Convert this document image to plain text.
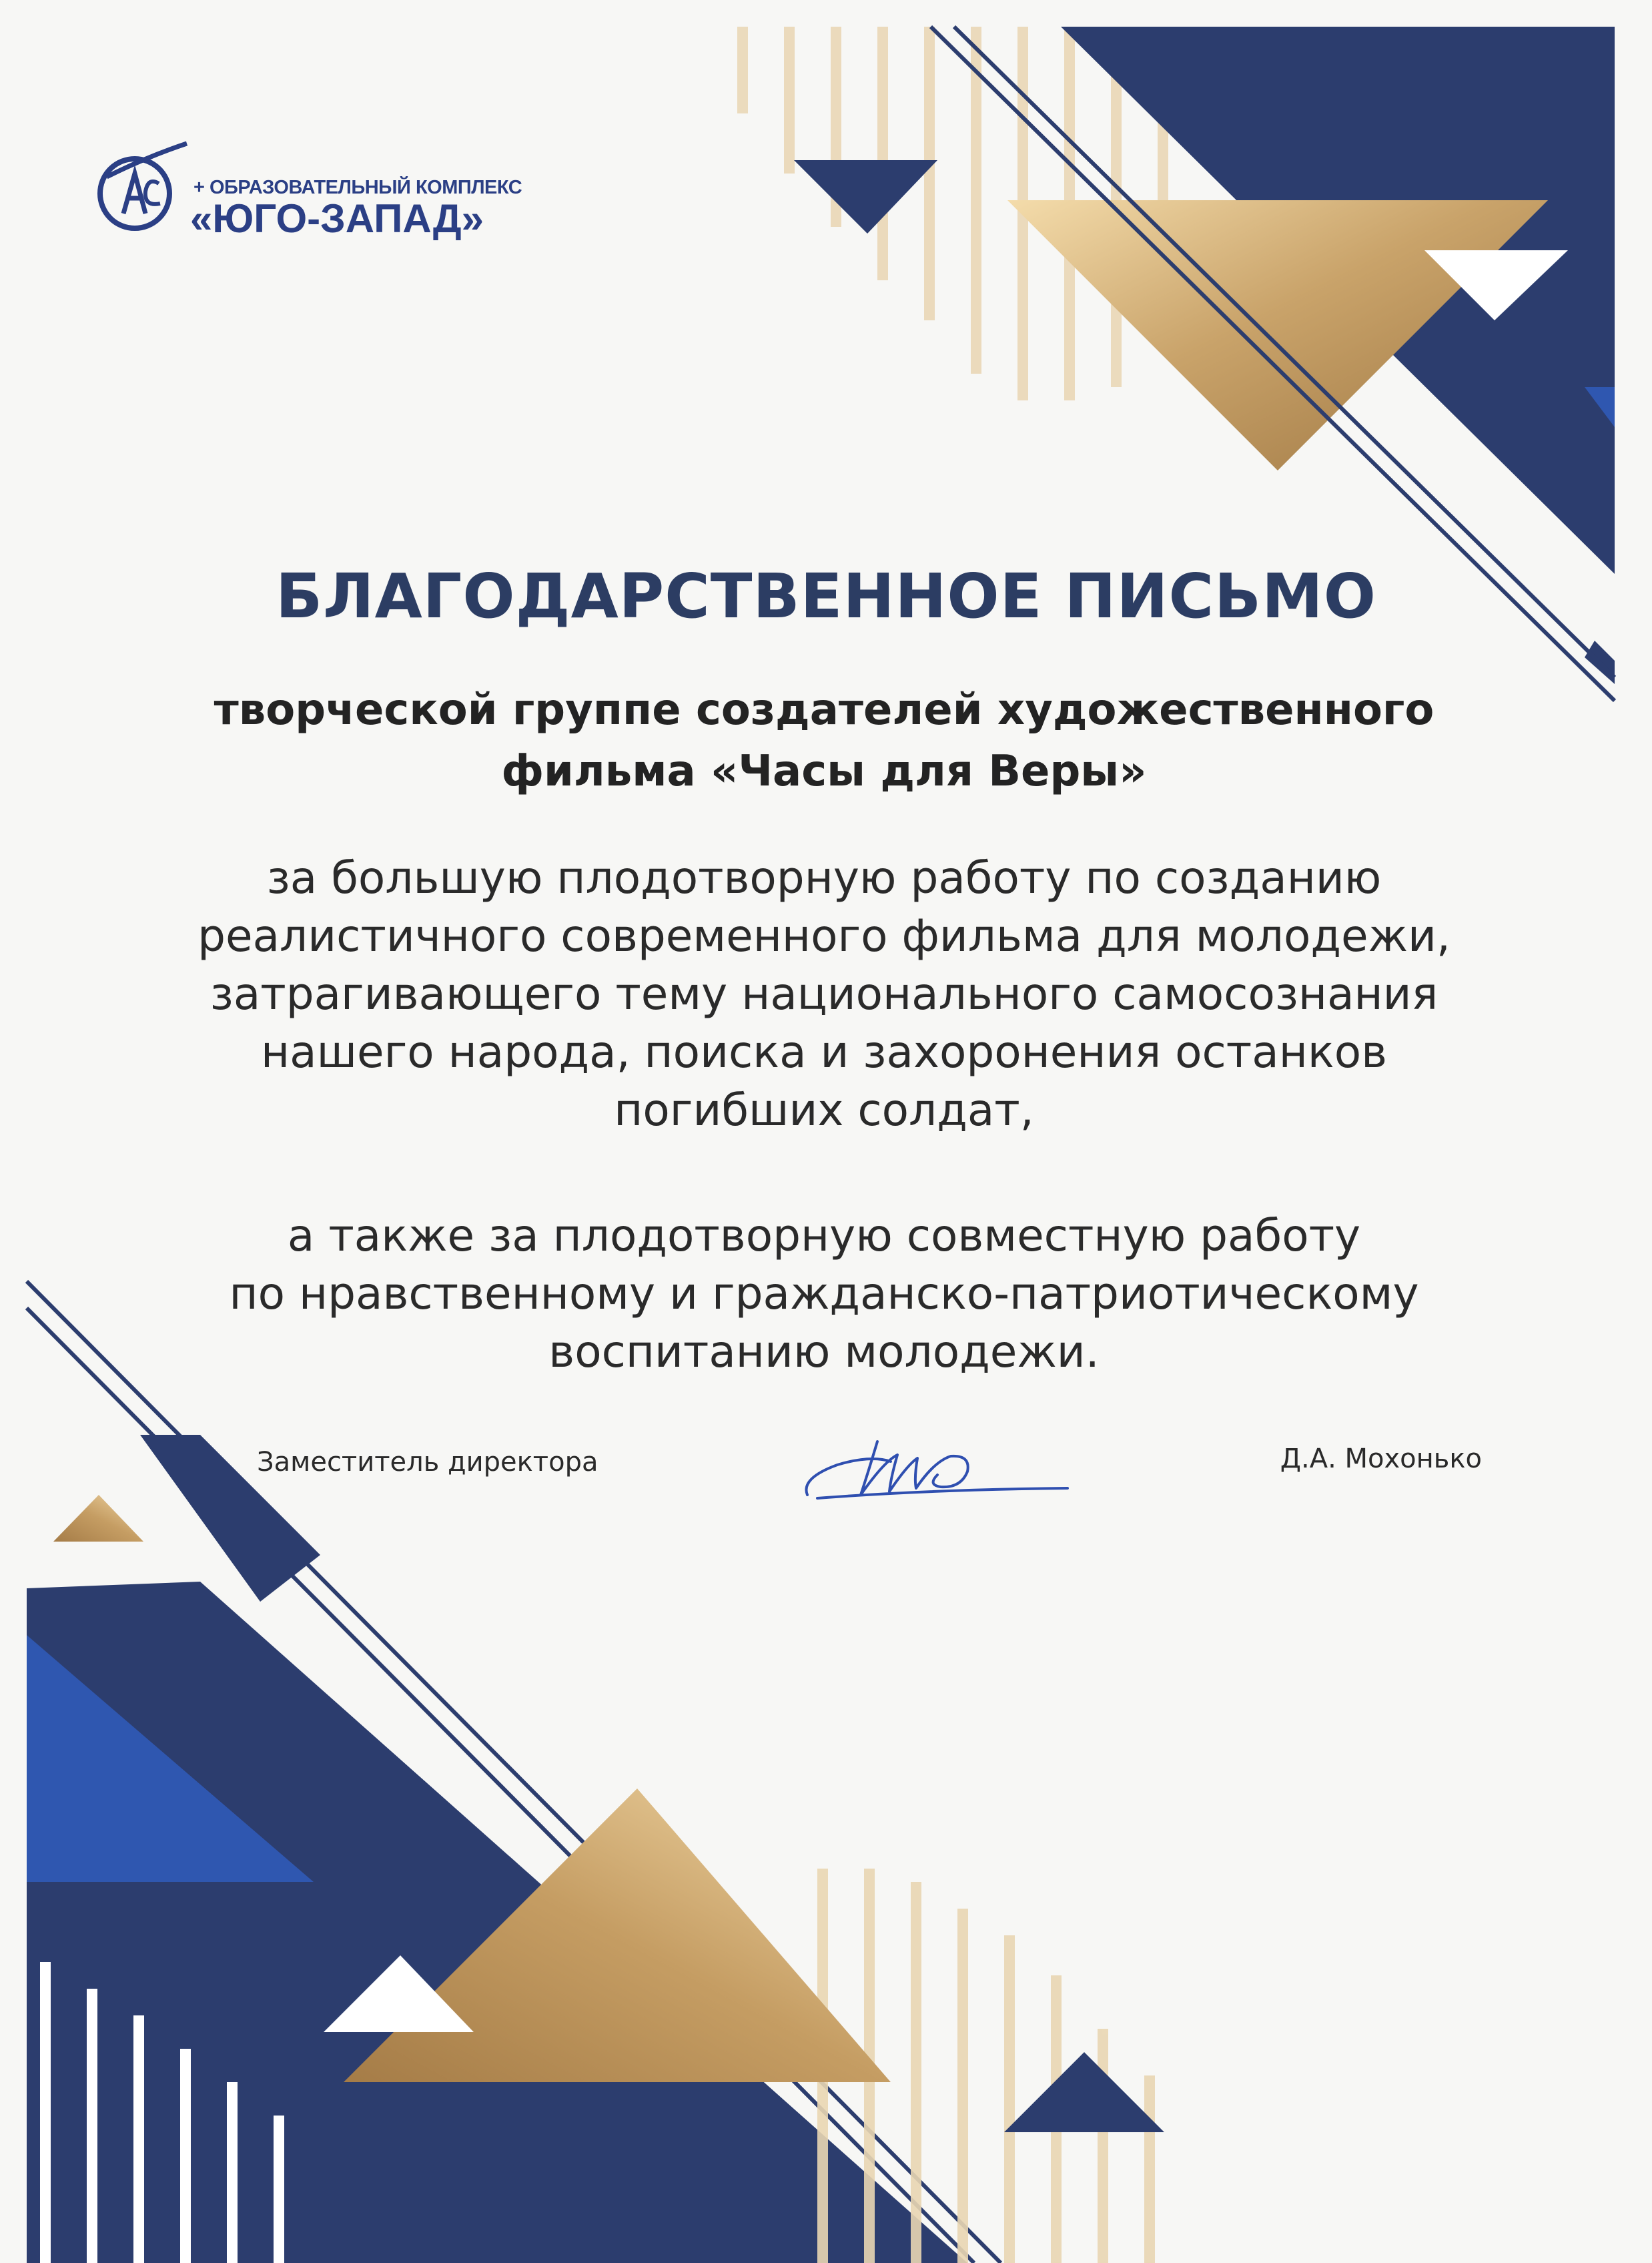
+ ОБРАЗОВАТЕЛЬНЫЙ КОМПЛЕКС

«ЮГО-ЗАПАД»

БЛАГОДАРСТВЕННОЕ ПИСЬМО
творческой группе создателей художественного
фильма «Часы для Веры»
за большую плодотворную работу по созданию
реалистичного современного фильма для молодежи,
затрагивающего тему национального самосознания
нашего народа, поиска и захоронения останков
погибших солдат,
а также за плодотворную совместную работу
по нравственному и гражданско-патриотическому
воспитанию молодежи.
Заместитель директора	Д.А. Мохонько
